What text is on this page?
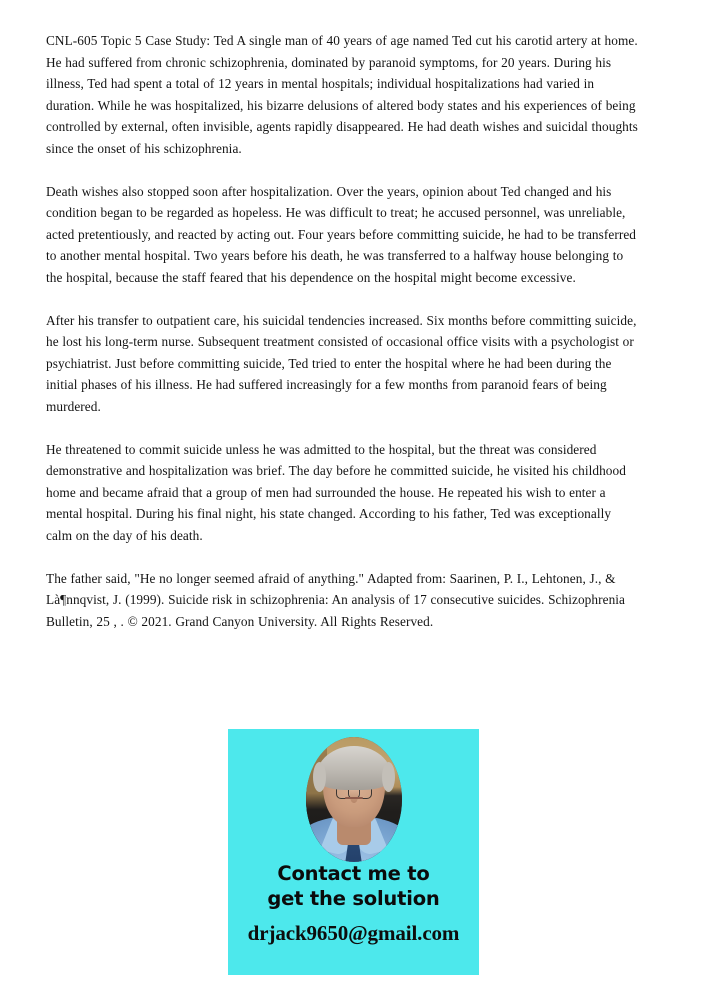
CNL-605 Topic 5 Case Study: Ted A single man of 40 years of age named Ted cut his carotid artery at home. He had suffered from chronic schizophrenia, dominated by paranoid symptoms, for 20 years. During his illness, Ted had spent a total of 12 years in mental hospitals; individual hospitalizations had varied in duration. While he was hospitalized, his bizarre delusions of altered body states and his experiences of being controlled by external, often invisible, agents rapidly disappeared. He had death wishes and suicidal thoughts since the onset of his schizophrenia.

Death wishes also stopped soon after hospitalization. Over the years, opinion about Ted changed and his condition began to be regarded as hopeless. He was difficult to treat; he accused personnel, was unreliable, acted pretentiously, and reacted by acting out. Four years before committing suicide, he had to be transferred to another mental hospital. Two years before his death, he was transferred to a halfway house belonging to the hospital, because the staff feared that his dependence on the hospital might become excessive.

After his transfer to outpatient care, his suicidal tendencies increased. Six months before committing suicide, he lost his long-term nurse. Subsequent treatment consisted of occasional office visits with a psychologist or psychiatrist. Just before committing suicide, Ted tried to enter the hospital where he had been during the initial phases of his illness. He had suffered increasingly for a few months from paranoid fears of being murdered.

He threatened to commit suicide unless he was admitted to the hospital, but the threat was considered demonstrative and hospitalization was brief. The day before he committed suicide, he visited his childhood home and became afraid that a group of men had surrounded the house. He repeated his wish to enter a mental hospital. During his final night, his state changed. According to his father, Ted was exceptionally calm on the day of his death.

The father said, "He no longer seemed afraid of anything." Adapted from: Saarinen, P. I., Lehtonen, J., & Là¶nnqvist, J. (1999). Suicide risk in schizophrenia: An analysis of 17 consecutive suicides. Schizophrenia Bulletin, 25 , . © 2021. Grand Canyon University. All Rights Reserved.

Contact me to
get the solution
drjack9650@gmail.com
